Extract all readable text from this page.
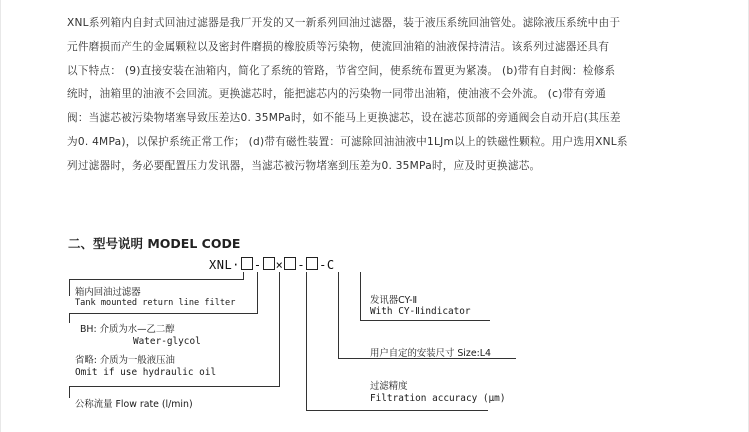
XNL系列箱内自封式回油过滤器是我厂开发的又一新系列回油过滤器，装于液压系统回油管处。滤除液压系统中由于
元件磨损而产生的金属颗粒以及密封件磨损的橡胶质等污染物，使流回油箱的油液保持清洁。该系列过滤器还具有
以下特点： (9)直接安装在油箱内，简化了系统的管路，节省空间，使系统布置更为紧凑。 (b)带有自封阀：检修系
统时，油箱里的油液不会回流。更换滤芯时，能把滤芯内的污染物一同带出油箱，使油液不会外流。 (c)带有旁通
阀：当滤芯被污染物堵塞导致压差达0. 35MPa时，如不能马上更换滤芯，设在滤芯顶部的旁通阀会自动开启(其压差
为0. 4MPa)，以保护系统正常工作； (d)带有磁性装置：可滤除回油油液中1LJm以上的铁磁性颗粒。用户选用XNL系
列过滤器时，务必要配置压力发讯器，当滤芯被污物堵塞到压差为0. 35MPa时，应及时更换滤芯。
二、型号说明 MODEL CODE
XNL· - × - -C
箱内回油过滤器
Tank mounted return line filter
BH: 介质为水—乙二醇
Water-glycol
省略: 介质为一般液压油
Omit if use hydraulic oil
公称流量 Flow rate (l/min)
发讯器CY-Ⅱ
With CY-Ⅱindicator
用户自定的安装尺寸 Size:L4
过滤精度
Filtration accuracy (μm)
